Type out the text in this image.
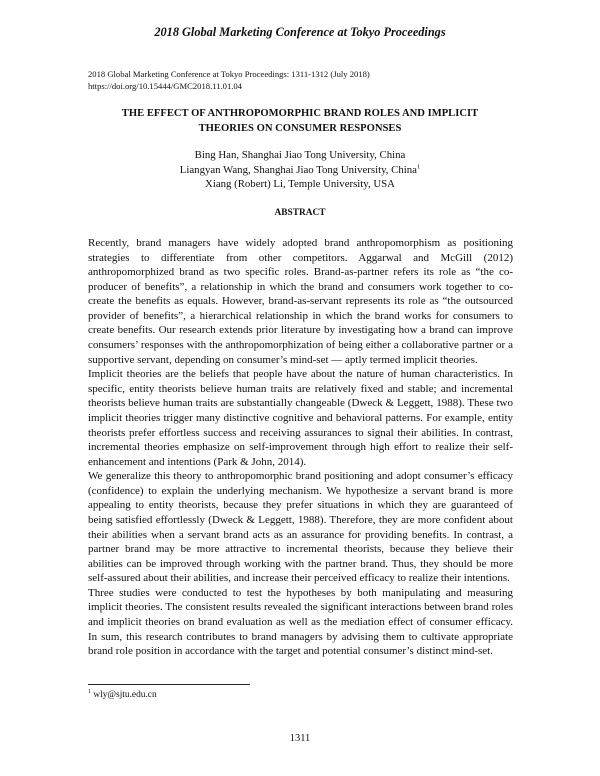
2018 Global Marketing Conference at Tokyo Proceedings
2018 Global Marketing Conference at Tokyo Proceedings: 1311-1312 (July 2018)
https://doi.org/10.15444/GMC2018.11.01.04
THE EFFECT OF ANTHROPOMORPHIC BRAND ROLES AND IMPLICIT
THEORIES ON CONSUMER RESPONSES
Bing Han, Shanghai Jiao Tong University, China
Liangyan Wang, Shanghai Jiao Tong University, China$^1$
Xiang (Robert) Li, Temple University, USA
ABSTRACT

Recently, brand managers have widely adopted brand anthropomorphism as positioning strategies to differentiate from other competitors. Aggarwal and McGill (2012) anthropomorphized brand as two specific roles. Brand-as-partner refers its role as “the co-producer of benefits”, a relationship in which the brand and consumers work together to co-create the benefits as equals. However, brand-as-servant represents its role as “the outsourced provider of benefits”, a hierarchical relationship in which the brand works for consumers to create benefits. Our research extends prior literature by investigating how a brand can improve consumers’ responses with the anthropomorphization of being either a collaborative partner or a supportive servant, depending on consumer’s mind-set — aptly termed implicit theories.

Implicit theories are the beliefs that people have about the nature of human characteristics. In specific, entity theorists believe human traits are relatively fixed and stable; and incremental theorists believe human traits are substantially changeable (Dweck & Leggett, 1988). These two implicit theories trigger many distinctive cognitive and behavioral patterns. For example, entity theorists prefer effortless success and receiving assurances to signal their abilities. In contrast, incremental theories emphasize on self-improvement through high effort to realize their self-enhancement and intentions (Park & John, 2014).

We generalize this theory to anthropomorphic brand positioning and adopt consumer’s efficacy (confidence) to explain the underlying mechanism. We hypothesize a servant brand is more appealing to entity theorists, because they prefer situations in which they are guaranteed of being satisfied effortlessly (Dweck & Leggett, 1988). Therefore, they are more confident about their abilities when a servant brand acts as an assurance for providing benefits. In contrast, a partner brand may be more attractive to incremental theorists, because they believe their abilities can be improved through working with the partner brand. Thus, they should be more self-assured about their abilities, and increase their perceived efficacy to realize their intentions.

Three studies were conducted to test the hypotheses by both manipulating and measuring implicit theories. The consistent results revealed the significant interactions between brand roles and implicit theories on brand evaluation as well as the mediation effect of consumer efficacy. In sum, this research contributes to brand managers by advising them to cultivate appropriate brand role position in accordance with the target and potential consumer’s distinct mind-set.

$^1$ wly@sjtu.edu.cn
1311
